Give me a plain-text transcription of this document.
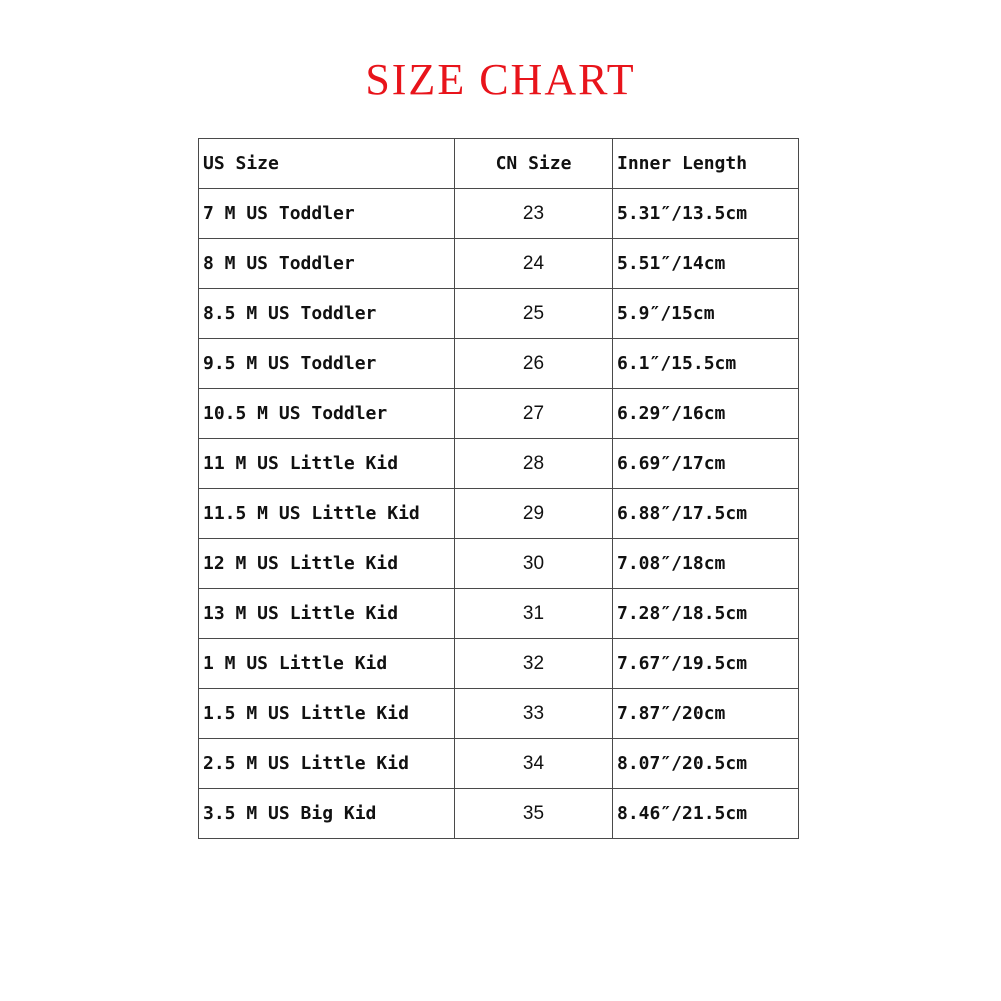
SIZE CHART
US Size	CN Size	Inner Length
7 M US Toddler	23	5.31″/13.5cm
8 M US Toddler	24	5.51″/14cm
8.5 M US Toddler	25	5.9″/15cm
9.5 M US Toddler	26	6.1″/15.5cm
10.5 M US Toddler	27	6.29″/16cm
11 M US Little Kid	28	6.69″/17cm
11.5 M US Little Kid	29	6.88″/17.5cm
12 M US Little Kid	30	7.08″/18cm
13 M US Little Kid	31	7.28″/18.5cm
1 M US Little Kid	32	7.67″/19.5cm
1.5 M US Little Kid	33	7.87″/20cm
2.5 M US Little Kid	34	8.07″/20.5cm
3.5 M US Big Kid	35	8.46″/21.5cm
